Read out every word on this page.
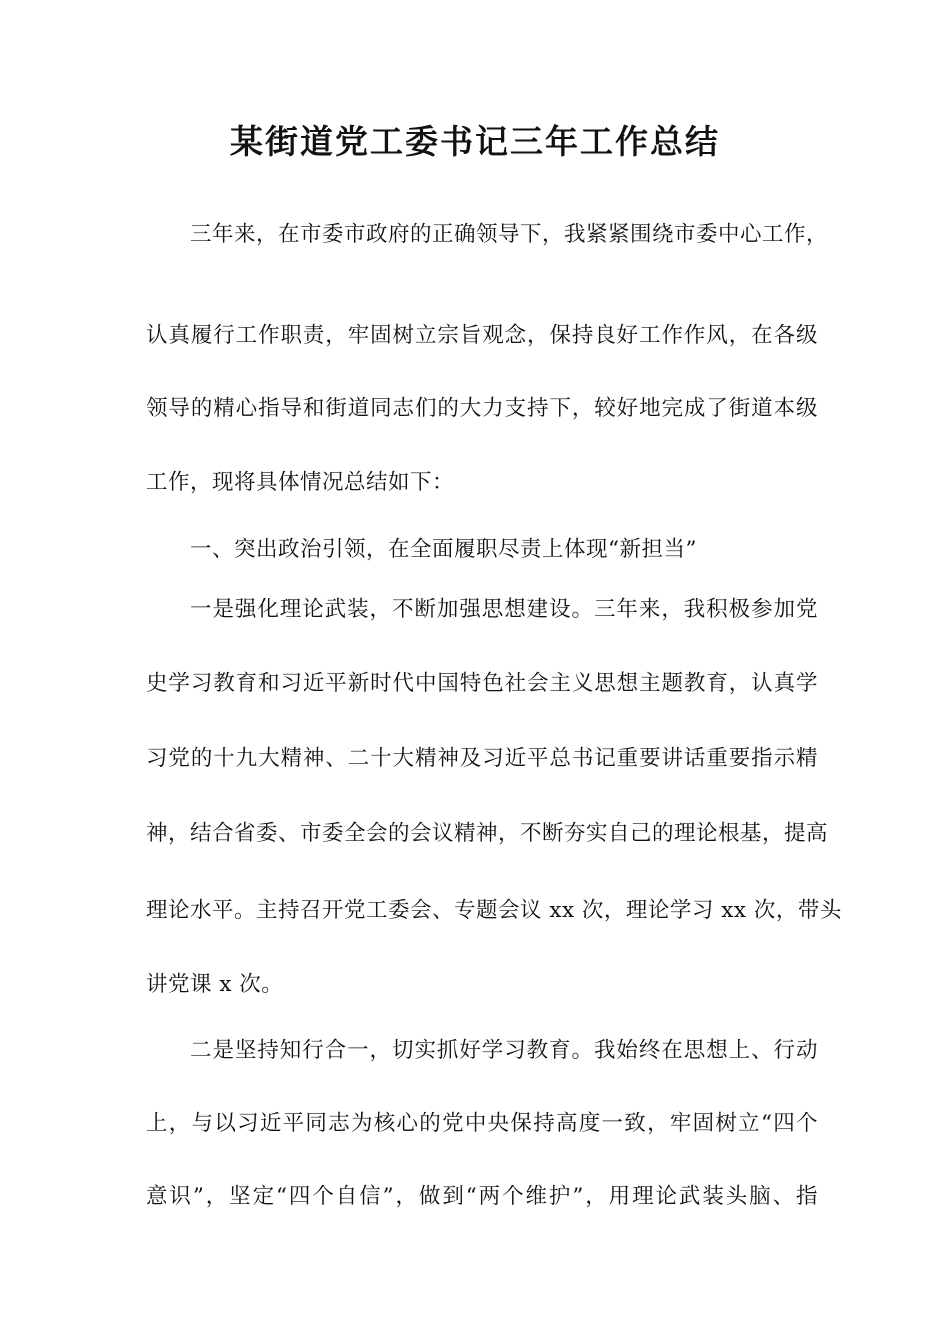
某街道党工委书记三年工作总结
三年来，在市委市政府的正确领导下，我紧紧围绕市委中心工作，
认真履行工作职责，牢固树立宗旨观念，保持良好工作作风，在各级
领导的精心指导和街道同志们的大力支持下，较好地完成了街道本级
工作，现将具体情况总结如下：
一、突出政治引领，在全面履职尽责上体现“新担当”
一是强化理论武装，不断加强思想建设。三年来，我积极参加党
史学习教育和习近平新时代中国特色社会主义思想主题教育，认真学
习党的十九大精神、二十大精神及习近平总书记重要讲话重要指示精
神，结合省委、市委全会的会议精神，不断夯实自己的理论根基，提高
理论水平。主持召开党工委会、专题会议 xx 次，理论学习 xx 次，带头
讲党课 x 次。
二是坚持知行合一，切实抓好学习教育。我始终在思想上、行动
上，与以习近平同志为核心的党中央保持高度一致，牢固树立“四个
意识”，坚定“四个自信”，做到“两个维护”，用理论武装头脑、指
